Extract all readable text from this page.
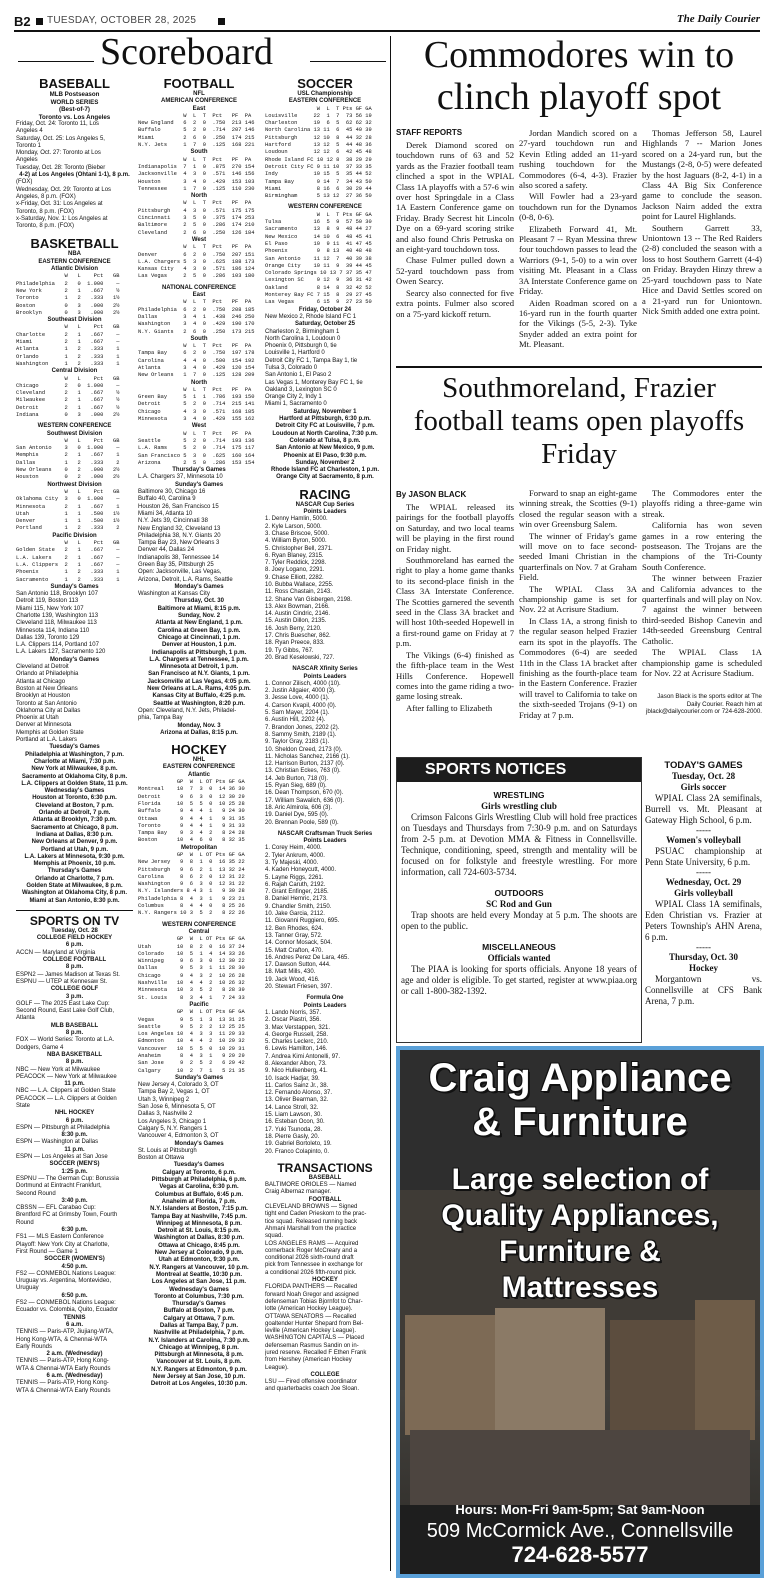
B2 TUESDAY, OCTOBER 28, 2025	The Daily Courier
Scoreboard
BASEBALL
MLB Postseason
WORLD SERIES
(Best-of-7)
Toronto vs. Los Angeles
Friday, Oct. 24: Toronto 11, Los
Angeles 4
Saturday, Oct. 25: Los Angeles 5,
Toronto 1
Monday, Oct. 27: Toronto at Los
Angeles
Tuesday, Oct. 28: Toronto (Bieber
4-2) at Los Angeles (Ohtani 1-1), 8 p.m.
(FOX)
Wednesday, Oct. 29: Toronto at Los
Angeles, 8 p.m. (FOX)
x-Friday, Oct. 31: Los Angeles at
Toronto, 8 p.m. (FOX)
x-Saturday, Nov. 1: Los Angeles at
Toronto, 8 p.m. (FOX)
BASKETBALL
NBA
EASTERN CONFERENCE
Atlantic Division
W   L    Pct   GB
Philadelphia   2   0  1.000    —
New York       2   1   .667    ½
Toronto        1   2   .333   1½
Boston         0   3   .000   2½
Brooklyn       0   3   .000   2½
Southeast Division
W   L    Pct   GB
Charlotte      2   1   .667    —
Miami          2   1   .667    —
Atlanta        1   2   .333    1
Orlando        1   2   .333    1
Washington     1   2   .333    1
Central Division
W   L    Pct   GB
Chicago        2   0  1.000    —
Cleveland      2   1   .667    ½
Milwaukee      2   1   .667    ½
Detroit        2   1   .667    ½
Indiana        0   3   .000   2½
WESTERN CONFERENCE
Southwest Division
W   L    Pct   GB
San Antonio    3   0  1.000    —
Memphis        2   1   .667    1
Dallas         1   2   .333    2
New Orleans    0   2   .000   2½
Houston        0   2   .000   2½
Northwest Division
W   L    Pct   GB
Oklahoma City  3   0  1.000    —
Minnesota      2   1   .667    1
Utah           1   1   .500   1½
Denver         1   1   .500   1½
Portland       1   2   .333    2
Pacific Division
W   L    Pct   GB
Golden State   2   1   .667    —
L.A. Lakers    2   1   .667    —
L.A. Clippers  2   1   .667    —
Phoenix        1   2   .333    1
Sacramento     1   2   .333    1
Sunday's Games
San Antonio 118, Brooklyn 107
Detroit 119, Boston 113
Miami 115, New York 107
Charlotte 139, Washington 113
Cleveland 118, Milwaukee 113
Minnesota 114, Indiana 110
Dallas 139, Toronto 129
L.A. Clippers 114, Portland 107
L.A. Lakers 127, Sacramento 120
Monday's Games
Cleveland at Detroit
Orlando at Philadelphia
Atlanta at Chicago
Boston at New Orleans
Brooklyn at Houston
Toronto at San Antonio
Oklahoma City at Dallas
Phoenix at Utah
Denver at Minnesota
Memphis at Golden State
Portland at L.A. Lakers
Tuesday's Games
Philadelphia at Washington, 7 p.m.
Charlotte at Miami, 7:30 p.m.
New York at Milwaukee, 8 p.m.
Sacramento at Oklahoma City, 8 p.m.
L.A. Clippers at Golden State, 11 p.m.
Wednesday's Games
Houston at Toronto, 6:30 p.m.
Cleveland at Boston, 7 p.m.
Orlando at Detroit, 7 p.m.
Atlanta at Brooklyn, 7:30 p.m.
Sacramento at Chicago, 8 p.m.
Indiana at Dallas, 8:30 p.m.
New Orleans at Denver, 9 p.m.
Portland at Utah, 9 p.m.
L.A. Lakers at Minnesota, 9:30 p.m.
Memphis at Phoenix, 10 p.m.
Thursday's Games
Orlando at Charlotte, 7 p.m.
Golden State at Milwaukee, 8 p.m.
Washington at Oklahoma City, 8 p.m.
Miami at San Antonio, 8:30 p.m.
SPORTS ON TV
Tuesday, Oct. 28
COLLEGE FIELD HOCKEY
6 p.m.
ACCN — Maryland at Virginia
COLLEGE FOOTBALL
8 p.m.
ESPN2 — James Madison at Texas St.
ESPNU — UTEP at Kennesaw St.
COLLEGE GOLF
3 p.m.
GOLF — The 2025 East Lake Cup:
Second Round, East Lake Golf Club,
Atlanta
MLB BASEBALL
8 p.m.
FOX — World Series: Toronto at L.A.
Dodgers, Game 4
NBA BASKETBALL
8 p.m.
NBC — New York at Milwaukee
PEACOCK — New York at Milwaukee
11 p.m.
NBC — L.A. Clippers at Golden State
PEACOCK — L.A. Clippers at Golden
State
NHL HOCKEY
6 p.m.
ESPN — Pittsburgh at Philadelphia
8:30 p.m.
ESPN — Washington at Dallas
11 p.m.
ESPN — Los Angeles at San Jose
SOCCER (MEN'S)
1:25 p.m.
ESPNU — The German Cup: Borussia
Dortmund at Eintracht Frankfurt,
Second Round
3:40 p.m.
CBSSN — EFL Carabao Cup:
Brentford FC at Grimsby Town, Fourth
Round
6:30 p.m.
FS1 — MLS Eastern Conference
Playoff: New York City at Charlotte,
First Round — Game 1
SOCCER (WOMEN'S)
4:50 p.m.
FS2 — CONMEBOL Nations League:
Uruguay vs. Argentina, Montevideo,
Uruguay
6:50 p.m.
FS2 — CONMEBOL Nations League:
Ecuador vs. Colombia, Quito, Ecuador
TENNIS
6 a.m.
TENNIS — Paris-ATP, Jiujiang-WTA,
Hong Kong-WTA, & Chennai-WTA
Early Rounds
2 a.m. (Wednesday)
TENNIS — Paris-ATP, Hong Kong-
WTA & Chennai-WTA Early Rounds
6 a.m. (Wednesday)
TENNIS — Paris-ATP, Hong Kong-
WTA & Chennai-WTA Early Rounds
FOOTBALL
NFL
AMERICAN CONFERENCE
East
W  L  T  Pct   PF  PA
New England   6  2  0  .750  213 146
Buffalo       5  2  0  .714  207 146
Miami         2  6  0  .250  174 215
N.Y. Jets     1  7  0  .125  168 221
South
W  L  T  Pct   PF  PA
Indianapolis  7  1  0  .875  270 154
Jacksonville  4  3  0  .571  146 156
Houston       3  4  0  .429  153 103
Tennessee     1  7  0  .125  110 230
North
W  L  T  Pct   PF  PA
Pittsburgh    4  3  0  .571  175 175
Cincinnati    3  5  0  .375  174 253
Baltimore     2  5  0  .286  174 210
Cleveland     2  6  0  .250  126 184
West
W  L  T  Pct   PF  PA
Denver        6  2  0  .750  207 151
L.A. Chargers 5  3  0  .625  188 173
Kansas City   4  3  0  .571  186 124
Las Vegas     2  5  0  .286  103 180
NATIONAL CONFERENCE
East
W  L  T  Pct   PF  PA
Philadelphia  6  2  0  .750  208 185
Dallas        3  4  1  .438  246 250
Washington    3  4  0  .429  190 170
N.Y. Giants   2  6  0  .250  173 215
South
W  L  T  Pct   PF  PA
Tampa Bay     6  2  0  .750  197 178
Carolina      4  4  0  .500  154 192
Atlanta       3  4  0  .429  120 154
New Orleans   1  7  0  .125  128 209
North
W  L  T  Pct   PF  PA
Green Bay     5  1  1  .786  193 150
Detroit       5  2  0  .714  215 141
Chicago       4  3  0  .571  168 185
Minnesota     3  4  0  .429  155 162
West
W  L  T  Pct   PF  PA
Seattle       5  2  0  .714  193 136
L.A. Rams     5  2  0  .714  175 117
San Francisco 5  3  0  .625  160 164
Arizona       2  5  0  .286  153 154
Thursday's Games
L.A. Chargers 37, Minnesota 10
Sunday's Games
Baltimore 30, Chicago 16
Buffalo 40, Carolina 9
Houston 26, San Francisco 15
Miami 34, Atlanta 10
N.Y. Jets 39, Cincinnati 38
New England 32, Cleveland 13
Philadelphia 38, N.Y. Giants 20
Tampa Bay 23, New Orleans 3
Denver 44, Dallas 24
Indianapolis 38, Tennessee 14
Green Bay 35, Pittsburgh 25
Open: Jacksonville, Las Vegas,
Arizona, Detroit, L.A. Rams, Seattle
Monday's Games
Washington at Kansas City
Thursday, Oct. 30
Baltimore at Miami, 8:15 p.m.
Sunday, Nov. 2
Atlanta at New England, 1 p.m.
Carolina at Green Bay, 1 p.m.
Chicago at Cincinnati, 1 p.m.
Denver at Houston, 1 p.m.
Indianapolis at Pittsburgh, 1 p.m.
L.A. Chargers at Tennessee, 1 p.m.
Minnesota at Detroit, 1 p.m.
San Francisco at N.Y. Giants, 1 p.m.
Jacksonville at Las Vegas, 4:05 p.m.
New Orleans at L.A. Rams, 4:05 p.m.
Kansas City at Buffalo, 4:25 p.m.
Seattle at Washington, 8:20 p.m.
Open: Cleveland, N.Y. Jets, Philadel-
phia, Tampa Bay
Monday, Nov. 3
Arizona at Dallas, 8:15 p.m.
HOCKEY
NHL
EASTERN CONFERENCE
Atlantic
GP  W  L OT Pts GF GA
Montreal    10  7  3  0  14 36 30
Detroit      9  6  3  0  12 30 29
Florida     10  5  5  0  10 25 28
Buffalo      9  4  4  1   9 24 30
Ottawa       9  4  4  1   9 31 35
Toronto      9  4  4  1   9 31 33
Tampa Bay    9  3  4  2   8 24 28
Boston      10  4  6  0   8 32 35
Metropolitan
GP  W  L OT Pts GF GA
New Jersey   9  8  1  0  16 35 22
Pittsburgh   9  6  2  1  13 32 24
Carolina     8  6  2  0  12 31 22
Washington   9  6  3  0  12 31 22
N.Y. Islanders 8 4 3  1   9 30 28
Philadelphia 8  4  3  1   9 23 21
Columbus     8  4  4  0   8 25 26
N.Y. Rangers 10 3  5  2   8 22 26
WESTERN CONFERENCE
Central
GP  W  L OT Pts GF GA
Utah        10  8  2  0  16 37 24
Colorado    10  5  1  4  14 33 26
Winnipeg     9  6  3  0  12 30 22
Dallas       9  5  3  1  11 28 30
Chicago      9  4  3  2  10 26 28
Nashville   10  4  4  2  10 26 32
Minnesota   10  3  5  2   8 28 39
St. Louis    8  3  4  1   7 24 33
Pacific
GP  W  L OT Pts GF GA
Vegas        9  5  1  3  13 31 25
Seattle      9  5  2  2  12 25 25
Los Angeles 10  4  3  3  11 29 33
Edmonton    10  4  4  2  10 29 32
Vancouver   10  5  5  0  10 29 31
Anaheim      8  4  3  1   9 29 29
San Jose     9  2  5  2   6 29 42
Calgary     10  2  7  1   5 21 35
Sunday's Games
New Jersey 4, Colorado 3, OT
Tampa Bay 2, Vegas 1, OT
Utah 3, Winnipeg 2
San Jose 6, Minnesota 5, OT
Dallas 3, Nashville 2
Los Angeles 3, Chicago 1
Calgary 5, N.Y. Rangers 1
Vancouver 4, Edmonton 3, OT
Monday's Games
St. Louis at Pittsburgh
Boston at Ottawa
Tuesday's Games
Calgary at Toronto, 6 p.m.
Pittsburgh at Philadelphia, 6 p.m.
Vegas at Carolina, 6:30 p.m.
Columbus at Buffalo, 6:45 p.m.
Anaheim at Florida, 7 p.m.
N.Y. Islanders at Boston, 7:15 p.m.
Tampa Bay at Nashville, 7:45 p.m.
Winnipeg at Minnesota, 8 p.m.
Detroit at St. Louis, 8:15 p.m.
Washington at Dallas, 8:30 p.m.
Ottawa at Chicago, 8:45 p.m.
New Jersey at Colorado, 9 p.m.
Utah at Edmonton, 9:30 p.m.
N.Y. Rangers at Vancouver, 10 p.m.
Montreal at Seattle, 10:30 p.m.
Los Angeles at San Jose, 11 p.m.
Wednesday's Games
Toronto at Columbus, 7:30 p.m.
Thursday's Games
Buffalo at Boston, 7 p.m.
Calgary at Ottawa, 7 p.m.
Dallas at Tampa Bay, 7 p.m.
Nashville at Philadelphia, 7 p.m.
N.Y. Islanders at Carolina, 7:30 p.m.
Chicago at Winnipeg, 8 p.m.
Pittsburgh at Minnesota, 8 p.m.
Vancouver at St. Louis, 8 p.m.
N.Y. Rangers at Edmonton, 9 p.m.
New Jersey at San Jose, 10 p.m.
Detroit at Los Angeles, 10:30 p.m.
SOCCER
USL Championship
EASTERN CONFERENCE
W  L  T Pts GF GA
Louisville     22  1  7  73 56 19
Charleston     19  6  5  62 62 32
North Carolina 13 11  6  45 40 39
Pittsburgh     12 10  8  44 32 28
Hartford       13 12  5  44 48 36
Loudoun        12 12  6  42 45 48
Rhode Island FC 10 12 8  38 29 29
Detroit City FC 9 11 10  37 33 35
Indy           10 15  5  35 44 52
Tampa Bay       9 14  7  34 43 50
Miami           8 16  6  30 29 44
Birmingham      5 13 12  27 36 50
WESTERN CONFERENCE
W  L  T Pts GF GA
Tulsa          16  5  9  57 50 30
Sacramento     13  8  9  48 44 27
New Mexico     14 10  6  48 45 41
El Paso        10  9 11  41 47 45
Phoenix         9  8 13  40 48 48
San Antonio    11 12  7  40 39 38
Orange City    10 11  9  39 44 45
Colorado Springs 10 13 7 37 35 47
Lexington SC    9 12  9  36 31 42
Oakland         8 14  8  32 42 52
Monterey Bay FC 7 15  8  29 27 45
Las Vegas       6 15  9  27 23 50
Friday, October 24
New Mexico 2, Rhode Island FC 1
Saturday, October 25
Charleston 2, Birmingham 1
North Carolina 1, Loudoun 0
Phoenix 0, Pittsburgh 0, tie
Louisville 1, Hartford 0
Detroit City FC 1, Tampa Bay 1, tie
Tulsa 3, Colorado 0
San Antonio 1, El Paso 2
Las Vegas 1, Monterey Bay FC 1, tie
Oakland 3, Lexington SC 0
Orange City 2, Indy 1
Miami 1, Sacramento 0
Saturday, November 1
Hartford at Pittsburgh, 6:30 p.m.
Detroit City FC at Louisville, 7 p.m.
Loudoun at North Carolina, 7:30 p.m.
Colorado at Tulsa, 8 p.m.
San Antonio at New Mexico, 9 p.m.
Phoenix at El Paso, 9:30 p.m.
Sunday, November 2
Rhode Island FC at Charleston, 1 p.m.
Orange City at Sacramento, 8 p.m.
RACING
NASCAR Cup Series
Points Leaders
1. Denny Hamlin, 5000.
2. Kyle Larson, 5000.
3. Chase Briscoe, 5000.
4. William Byron, 5000.
5. Christopher Bell, 2371.
6. Ryan Blaney, 2315.
7. Tyler Reddick, 2298.
8. Joey Logano, 2291.
9. Chase Elliott, 2282.
10. Bubba Wallace, 2255.
11. Ross Chastain, 2143.
12. Shane Van Gisbergen, 2198.
13. Alex Bowman, 2166.
14. Austin Cindric, 2146.
15. Austin Dillon, 2135.
16. Josh Berry, 2120.
17. Chris Buescher, 862.
18. Ryan Preece, 833.
19. Ty Gibbs, 767.
20. Brad Keselowski, 727.
NASCAR Xfinity Series
Points Leaders
1. Connor Zilisch, 4000 (10).
2. Justin Allgaier, 4000 (3).
3. Jesse Love, 4000 (1).
4. Carson Kvapil, 4000 (0).
5. Sam Mayer, 2204 (1).
6. Austin Hill, 2202 (4).
7. Brandon Jones, 2202 (2).
8. Sammy Smith, 2189 (1).
9. Taylor Gray, 2183 (1).
10. Sheldon Creed, 2173 (0).
11. Nicholas Sanchez, 2166 (1).
12. Harrison Burton, 2137 (0).
13. Christian Eckes, 763 (0).
14. Jeb Burton, 718 (0).
15. Ryan Sieg, 689 (0).
16. Dean Thompson, 670 (0).
17. William Sawalich, 636 (0).
18. Aric Almirola, 606 (3).
19. Daniel Dye, 595 (0).
20. Brennan Poole, 589 (0).
NASCAR Craftsman Truck Series
Points Leaders
1. Corey Heim, 4000.
2. Tyler Ankrum, 4000.
3. Ty Majeski, 4000.
4. Kaden Honeycutt, 4000.
5. Layne Riggs, 2261.
6. Rajah Caruth, 2192.
7. Grant Enfinger, 2185.
8. Daniel Hemric, 2173.
9. Chandler Smith, 2150.
10. Jake Garcia, 2112.
11. Giovanni Ruggiero, 695.
12. Ben Rhodes, 624.
13. Tanner Gray, 572.
14. Connor Mosack, 504.
15. Matt Crafton, 470.
16. Andres Perez De Lara, 465.
17. Dawson Sutton, 444.
18. Matt Mills, 430.
19. Jack Wood, 416.
20. Stewart Friesen, 397.
Formula One
Points Leaders
1. Lando Norris, 357.
2. Oscar Piastri, 356.
3. Max Verstappen, 321.
4. George Russell, 258.
5. Charles Leclerc, 210.
6. Lewis Hamilton, 146.
7. Andrea Kimi Antonelli, 97.
8. Alexander Albon, 73.
9. Nico Hulkenberg, 41.
10. Isack Hadjar, 39.
11. Carlos Sainz Jr., 38.
12. Fernando Alonso, 37.
13. Oliver Bearman, 32.
14. Lance Stroll, 32.
15. Liam Lawson, 30.
16. Esteban Ocon, 30.
17. Yuki Tsunoda, 28.
18. Pierre Gasly, 20.
19. Gabriel Bortoleto, 19.
20. Franco Colapinto, 0.
TRANSACTIONS
BASEBALL
BALTIMORE ORIOLES — Named
Craig Albernaz manager.
FOOTBALL
CLEVELAND BROWNS — Signed
tight end Caden Prieskorn to the prac-
tice squad. Released running back
Ahmani Marshall from the practice
squad.
LOS ANGELES RAMS — Acquired
cornerback Roger McCreary and a
conditional 2026 sixth-round draft
pick from Tennessee in exchange for
a conditional 2026 fifth-round pick.
HOCKEY
FLORIDA PANTHERS — Recalled
forward Noah Gregor and assigned
defenseman Tobias Bjornfot to Char-
lotte (American Hockey League).
OTTAWA SENATORS — Recalled
goaltender Hunter Shepard from Bel-
leville (American Hockey League).
WASHINGTON CAPITALS — Placed
defenseman Rasmus Sandin on in-
jured reserve. Recalled F Ethen Frank
from Hershey (American Hockey
League).
COLLEGE
LSU — Fired offensive coordinator
and quarterbacks coach Joe Sloan.
Commodores win to clinch playoff spot
STAFF REPORTS

Derek Diamond scored on touchdown runs of 63 and 52 yards as the Frazier football team clinched a spot in the WPIAL Class 1A playoffs with a 57-6 win over host Springdale in a Class 1A Eastern Conference game on Friday. Brady Secrest hit Lincoln Dye on a 69-yard scoring strike and also found Chris Petruska on an eight-yard touchdown toss.

Chase Fulmer pulled down a 52-yard touchdown pass from Owen Searcy.

Searcy also connected for five extra points. Fulmer also scored on a 75-yard kickoff return.

Jordan Mandich scored on a 27-yard touchdown run and Kevin Etling added an 11-yard rushing touchdown for the Commodores (6-4, 4-3). Frazier also scored a safety.

Will Fowler had a 23-yard touchdown run for the Dynamos (0-8, 0-6).

Elizabeth Forward 41, Mt. Pleasant 7 -- Ryan Messina threw four touchdown passes to lead the Warriors (9-1, 5-0) to a win over visiting Mt. Pleasant in a Class 3A Interstate Conference game on Friday.

Aiden Roadman scored on a 16-yard run in the fourth quarter for the Vikings (5-5, 2-3). Tyke Snyder added an extra point for Mt. Pleasant.

Thomas Jefferson 58, Laurel Highlands 7 -- Marion Jones scored on a 24-yard run, but the Mustangs (2-8, 0-5) were defeated by the host Jaguars (8-2, 4-1) in a Class 4A Big Six Conference game to conclude the season. Jackson Nairn added the extra point for Laurel Highlands.

Southern Garrett 33, Uniontown 13 -- The Red Raiders (2-8) concluded the season with a loss to host Southern Garrett (4-4) on Friday. Brayden Hinzy threw a 25-yard touchdown pass to Nate Hice and David Settles scored on a 21-yard run for Uniontown. Nick Smith added one extra point.

Southmoreland, Frazier football teams open playoffs Friday
By JASON BLACK

The WPIAL released its pairings for the football playoffs on Saturday, and two local teams will be playing in the first round on Friday night.

Southmoreland has earned the right to play a home game thanks to its second-place finish in the Class 3A Interstate Conference. The Scotties garnered the seventh seed in the Class 3A bracket and will host 10th-seeded Hopewell in a first-round game on Friday at 7 p.m.

The Vikings (6-4) finished as the fifth-place team in the West Hills Conference. Hopewell comes into the game riding a two-game losing streak.

After falling to Elizabeth

Forward to snap an eight-game winning streak, the Scotties (9-1) closed the regular season with a win over Greensburg Salem.

The winner of Friday's game will move on to face second-seeded Imani Christian in the quarterfinals on Nov. 7 at Graham Field.

The WPIAL Class 3A championship game is set for Nov. 22 at Acrisure Stadium.

In Class 1A, a strong finish to the regular season helped Frazier earn its spot in the playoffs. The Commodores (6-4) are seeded 11th in the Class 1A bracket after finishing as the fourth-place team in the Eastern Conference. Frazier will travel to California to take on the sixth-seeded Trojans (9-1) on Friday at 7 p.m.

The Commodores enter the playoffs riding a three-game win streak.

California has won seven games in a row entering the postseason. The Trojans are the champions of the Tri-County South Conference.

The winner between Frazier and California advances to the quarterfinals and will play on Nov. 7 against the winner between third-seeded Bishop Canevin and 14th-seeded Greensburg Central Catholic.

The WPIAL Class 1A championship game is scheduled for Nov. 22 at Acrisure Stadium.

Jason Black is the sports editor at The Daily Courier. Reach him at jblack@dailycourier.com or 724-628-2000.
SPORTS NOTICES
WRESTLING
Girls wrestling club

Crimson Falcons Girls Wrestling Club will hold free practices on Tuesdays and Thursdays from 7:30-9 p.m. and on Saturdays from 2-5 p.m. at Devotion MMA & Fitness in Connellsville. Technique, conditioning, speed, strength and mentality will be focused on for folkstyle and freestyle wrestling. For more information, call 724-603-5734.

OUTDOORS
SC Rod and Gun

Trap shoots are held every Monday at 5 p.m. The shoots are open to the public.

MISCELLANEOUS
Officials wanted

The PIAA is looking for sports officials. Anyone 18 years of age and older is eligible. To get started, register at www.piaa.org or call 1-800-382-1392.

TODAY'S GAMES
Tuesday, Oct. 28
Girls soccer
WPIAL Class 2A semifinals, Burrell vs. Mt. Pleasant at Gateway High School, 6 p.m.
-----
Women's volleyball
PSUAC championship at Penn State University, 6 p.m.
-----
Wednesday, Oct. 29
Girls volleyball
WPIAL Class 1A semifinals, Eden Christian vs. Frazier at Peters Township's AHN Arena, 6 p.m.
-----
Thursday, Oct. 30
Hockey
Morgantown vs. Connellsville at CFS Bank Arena, 7 p.m.
Craig Appliance
& Furniture
Large selection of
Quality Appliances,
Furniture &
Mattresses
Hours: Mon-Fri 9am-5pm; Sat 9am-Noon
509 McCormick Ave., Connellsville
724-628-5577
